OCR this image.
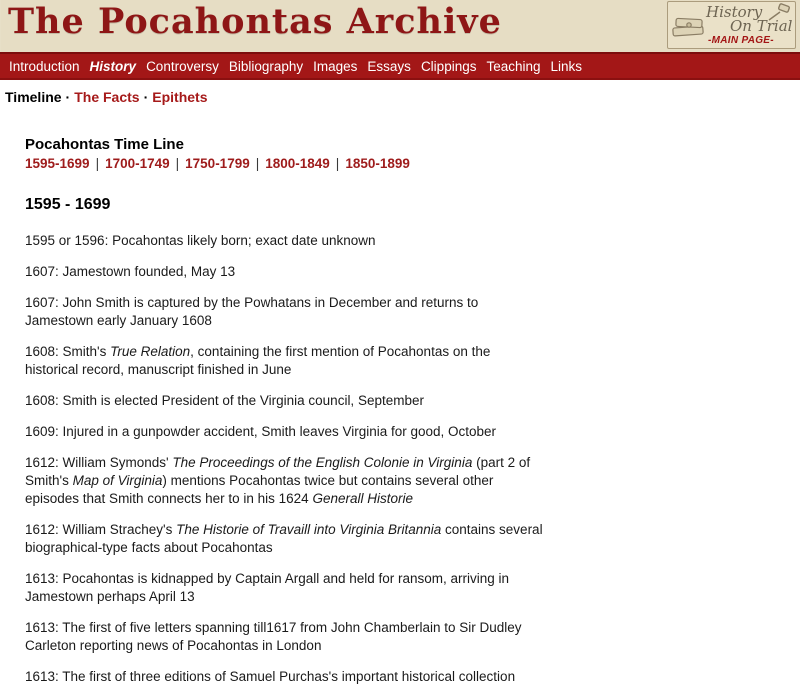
The Pocahontas Archive	History
On Trial
-MAIN PAGE-
Introduction History Controversy Bibliography Images Essays Clippings Teaching Links
Timeline · The Facts · Epithets
Pocahontas Time Line
1595-1699 | 1700-1749 | 1750-1799 | 1800-1849 | 1850-1899
1595 - 1699

1595 or 1596: Pocahontas likely born; exact date unknown

1607: Jamestown founded, May 13

1607: John Smith is captured by the Powhatans in December and returns to Jamestown early January 1608

1608: Smith's True Relation, containing the first mention of Pocahontas on the historical record, manuscript finished in June

1608: Smith is elected President of the Virginia council, September

1609: Injured in a gunpowder accident, Smith leaves Virginia for good, October

1612: William Symonds' The Proceedings of the English Colonie in Virginia (part 2 of Smith's Map of Virginia) mentions Pocahontas twice but contains several other episodes that Smith connects her to in his 1624 Generall Historie

1612: William Strachey's The Historie of Travaill into Virginia Britannia contains several biographical-type facts about Pocahontas

1613: Pocahontas is kidnapped by Captain Argall and held for ransom, arriving in Jamestown perhaps April 13

1613: The first of five letters spanning till1617 from John Chamberlain to Sir Dudley Carleton reporting news of Pocahontas in London

1613: The first of three editions of Samuel Purchas's important historical collection
